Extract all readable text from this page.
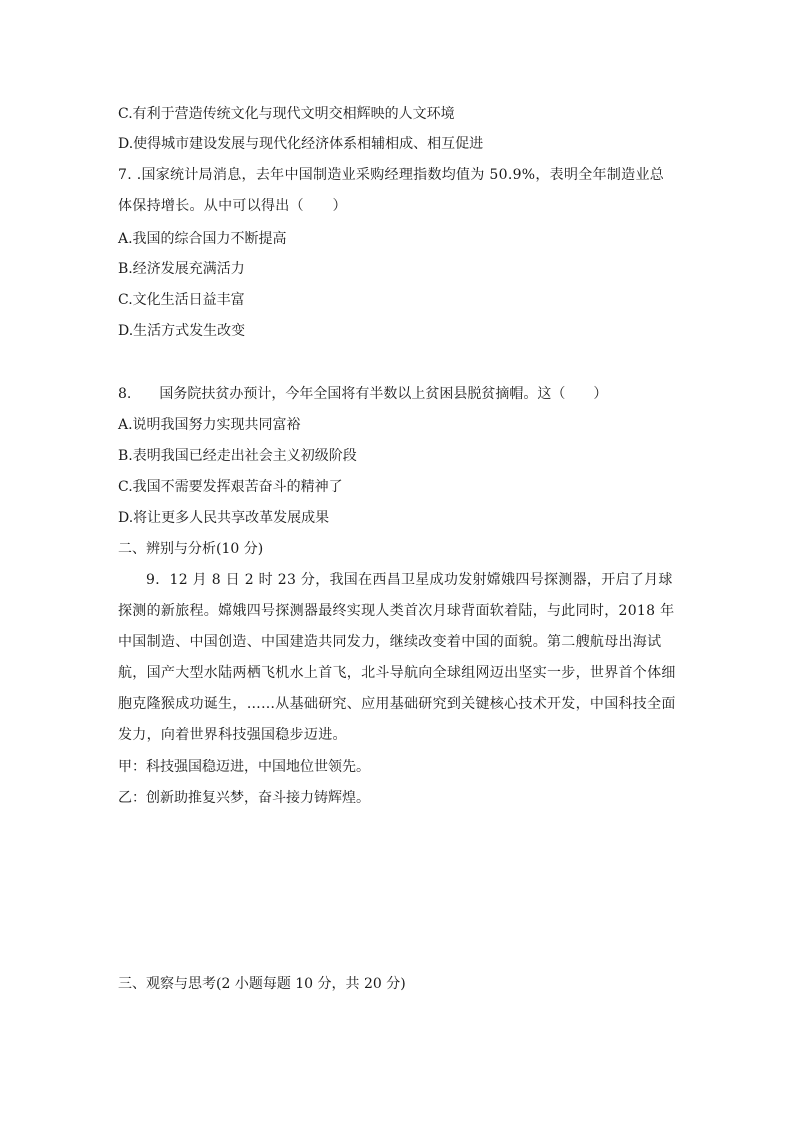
C.有利于营造传统文化与现代文明交相辉映的人文环境
D.使得城市建设发展与现代化经济体系相辅相成、相互促进
7. .国家统计局消息，去年中国制造业采购经理指数均值为 50.9%，表明全年制造业总体保持增长。从中可以得出（　　）
A.我国的综合国力不断提高
B.经济发展充满活力
C.文化生活日益丰富
D.生活方式发生改变
8.　　国务院扶贫办预计，今年全国将有半数以上贫困县脱贫摘帽。这（　　）
A.说明我国努力实现共同富裕
B.表明我国已经走出社会主义初级阶段
C.我国不需要发挥艰苦奋斗的精神了
D.将让更多人民共享改革发展成果
二、辨别与分析(10 分)
9．12 月 8 日 2 时 23 分，我国在西昌卫星成功发射嫦娥四号探测器，开启了月球探测的新旅程。嫦娥四号探测器最终实现人类首次月球背面软着陆，与此同时，2018 年中国制造、中国创造、中国建造共同发力，继续改变着中国的面貌。第二艘航母出海试航，国产大型水陆两栖飞机水上首飞，北斗导航向全球组网迈出坚实一步，世界首个体细胞克隆猴成功诞生，……从基础研究、应用基础研究到关键核心技术开发，中国科技全面发力，向着世界科技强国稳步迈进。
甲：科技强国稳迈进，中国地位世领先。
乙：创新助推复兴梦，奋斗接力铸辉煌。
三、观察与思考(2 小题每题 10 分，共 20 分)
